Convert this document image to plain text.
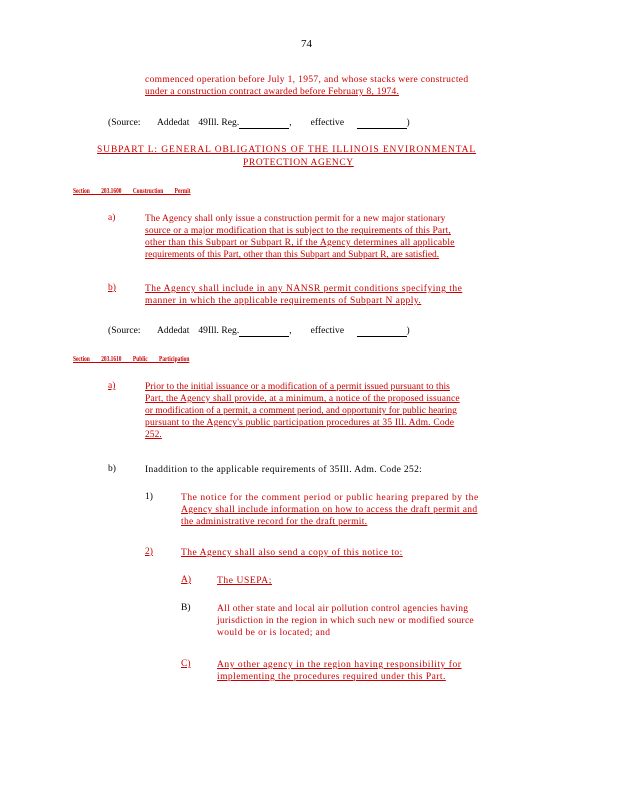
74
commenced operation before July 1, 1957, and whose stacks were constructed
under a construction contract awarded before February 8, 1974.
(Source: Addedat 49Ill. Reg.	, effective	)
SUBPART L: GENERAL OBLIGATIONS OF THE ILLINOIS ENVIRONMENTAL
PROTECTION AGENCY
Section 203.1600 Construction Permit
a)	The Agency shall only issue a construction permit for a new major stationary
source or a major modification that is subject to the requirements of this Part,
other than this Subpart or Subpart R, if the Agency determines all applicable
requirements of this Part, other than this Subpart and Subpart R, are satisfied.
b)	The Agency shall include in any NANSR permit conditions specifying the
manner in which the applicable requirements of Subpart N apply.
(Source: Addedat 49Ill. Reg.	, effective	)
Section 203.1610 Public Participation
a)	Prior to the initial issuance or a modification of a permit issued pursuant to this
Part, the Agency shall provide, at a minimum, a notice of the proposed issuance
or modification of a permit, a comment period, and opportunity for public hearing
pursuant to the Agency's public participation procedures at 35 Ill. Adm. Code
252.
b)	Inaddition to the applicable requirements of 35Ill. Adm. Code 252:
1)	The notice for the comment period or public hearing prepared by the
Agency shall include information on how to access the draft permit and
the administrative record for the draft permit.
2)	The Agency shall also send a copy of this notice to:
A)	The USEPA;
B)	All other state and local air pollution control agencies having
jurisdiction in the region in which such new or modified source
would be or is located; and
C)	Any other agency in the region having responsibility for
implementing the procedures required under this Part.
